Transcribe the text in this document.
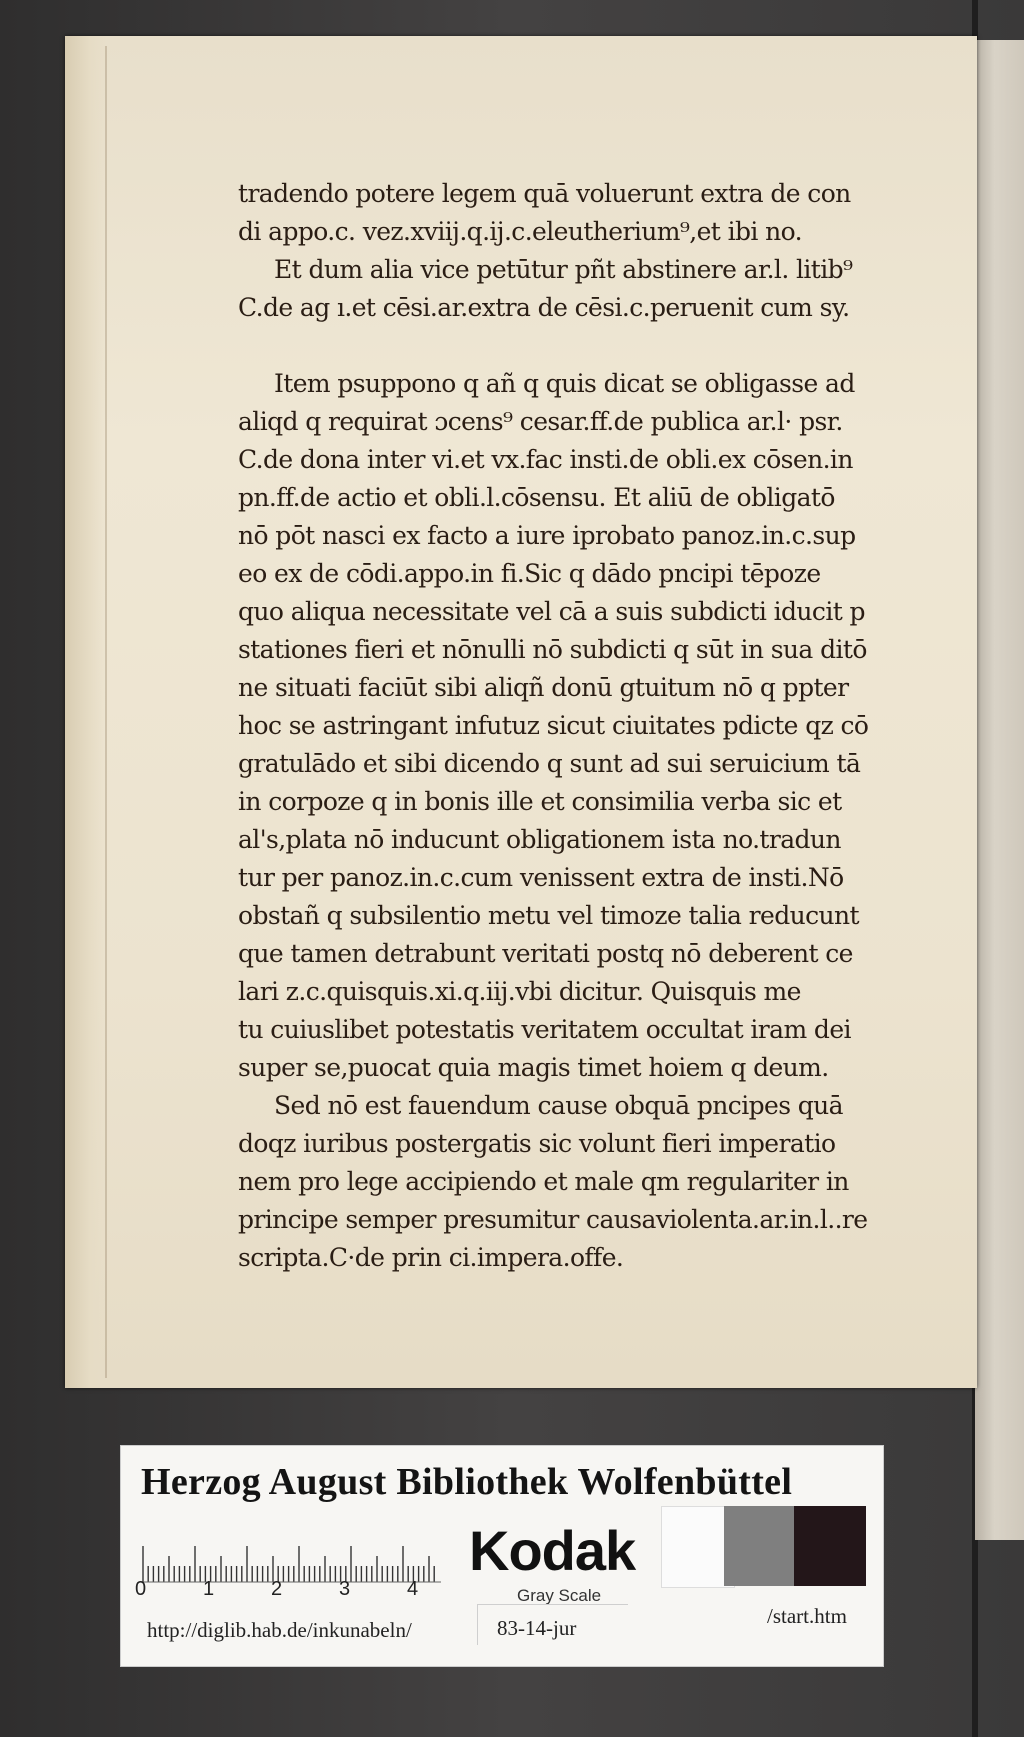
tradendo potere legem quā voluerunt extra de con
di appo.c. vez.xviij.q.ij.c.eleutherium⁹,et ibi no.
Et dum alia vice petūtur pñt abstinere ar.l. litib⁹
C.de ag ı.et cēsi.ar.extra de cēsi.c.peruenit cum sy.
Item psuppono q añ q quis dicat se obligasse ad
aliqd q requirat ɔcens⁹ cesar.ff.de publica ar.l· psr.
C.de dona inter vi.et vx.fac insti.de obli.ex cōsen.in
pn.ff.de actio et obli.l.cōsensu. Et aliū de obligatō
nō pōt nasci ex facto a iure iprobato panoz.in.c.sup
eo ex de cōdi.appo.in fi.Sic q dādo pncipi tēpoze
quo aliqua necessitate vel cā a suis subdicti iducit p
stationes fieri et nōnulli nō subdicti q sūt in sua ditō
ne situati faciūt sibi aliqñ donū gtuitum nō q ppter
hoc se astringant infutuz sicut ciuitates pdicte qz cō
gratulādo et sibi dicendo q sunt ad sui seruicium tā
in corpoze q in bonis ille et consimilia verba sic et
al's,plata nō inducunt obligationem ista no.tradun
tur per panoz.in.c.cum venissent extra de insti.Nō
obstañ q subsilentio metu vel timoze talia reducunt
que tamen detrabunt veritati postq nō deberent ce
lari z.c.quisquis.xi.q.iij.vbi dicitur. Quisquis me
tu cuiuslibet potestatis veritatem occultat iram dei
super se,puocat quia magis timet hoiem q deum.
Sed nō est fauendum cause obquā pncipes quā
doqz iuribus postergatis sic volunt fieri imperatio
nem pro lege accipiendo et male qm regulariter in
principe semper presumitur causaviolenta.ar.in.l..re
scripta.C·de prin ci.impera.offe.
Herzog August Bibliothek Wolfenbüttel
0	1	2	3	4
Kodak
Gray Scale
http://diglib.hab.de/inkunabeln/	83-14-jur	/start.htm
